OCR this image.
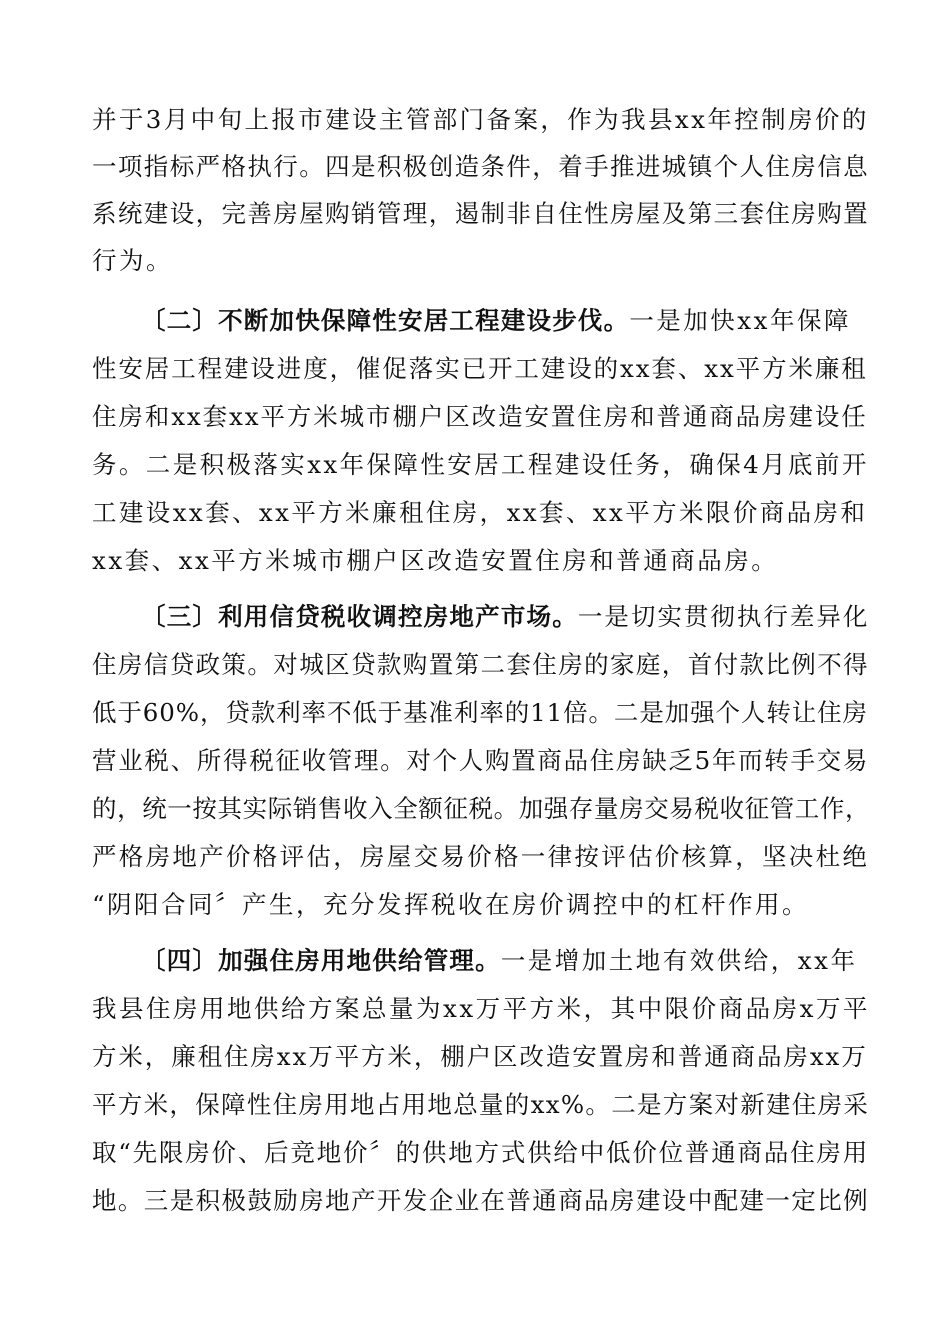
并于3月中旬上报市建设主管部门备案，作为我县xx年控制房价的
一项指标严格执行。四是积极创造条件，着手推进城镇个人住房信息
系统建设，完善房屋购销管理，遏制非自住性房屋及第三套住房购置
行为。
〔二〕不断加快保障性安居工程建设步伐。一是加快xx年保障
性安居工程建设进度，催促落实已开工建设的xx套、xx平方米廉租
住房和xx套xx平方米城市棚户区改造安置住房和普通商品房建设任
务。二是积极落实xx年保障性安居工程建设任务，确保4月底前开
工建设xx套、xx平方米廉租住房，xx套、xx平方米限价商品房和
xx套、xx平方米城市棚户区改造安置住房和普通商品房。
〔三〕利用信贷税收调控房地产市场。一是切实贯彻执行差异化
住房信贷政策。对城区贷款购置第二套住房的家庭，首付款比例不得
低于60%，贷款利率不低于基准利率的11倍。二是加强个人转让住房
营业税、所得税征收管理。对个人购置商品住房缺乏5年而转手交易
的，统一按其实际销售收入全额征税。加强存量房交易税收征管工作，
严格房地产价格评估，房屋交易价格一律按评估价核算，坚决杜绝
“阴阳合同〞产生，充分发挥税收在房价调控中的杠杆作用。
〔四〕加强住房用地供给管理。一是增加土地有效供给，xx年
我县住房用地供给方案总量为xx万平方米，其中限价商品房x万平
方米，廉租住房xx万平方米，棚户区改造安置房和普通商品房xx万
平方米，保障性住房用地占用地总量的xx%。二是方案对新建住房采
取“先限房价、后竞地价〞的供地方式供给中低价位普通商品住房用
地。三是积极鼓励房地产开发企业在普通商品房建设中配建一定比例
